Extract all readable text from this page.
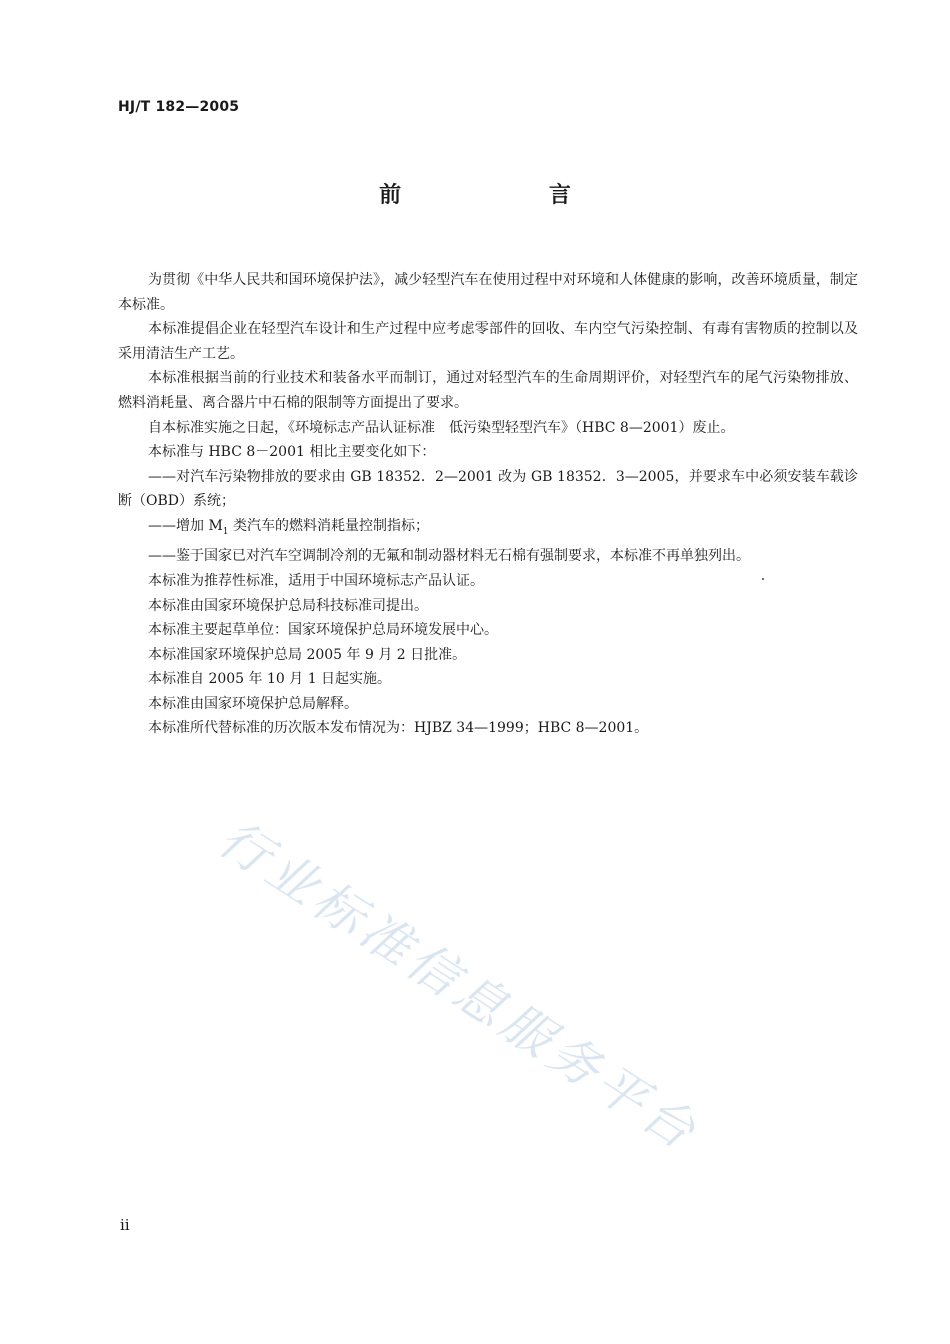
HJ/T 182—2005
前 言

为贯彻《中华人民共和国环境保护法》，减少轻型汽车在使用过程中对环境和人体健康的影响，改善环境质量，制定本标准。

本标准提倡企业在轻型汽车设计和生产过程中应考虑零部件的回收、车内空气污染控制、有毒有害物质的控制以及采用清洁生产工艺。

本标准根据当前的行业技术和装备水平而制订，通过对轻型汽车的生命周期评价，对轻型汽车的尾气污染物排放、燃料消耗量、离合器片中石棉的限制等方面提出了要求。

自本标准实施之日起，《环境标志产品认证标准　低污染型轻型汽车》（HBC 8—2001）废止。

本标准与 HBC 8－2001 相比主要变化如下：

——对汽车污染物排放的要求由 GB 18352．2—2001 改为 GB 18352．3—2005，并要求车中必须安装车载诊断（OBD）系统；

——增加 $M_1$ 类汽车的燃料消耗量控制指标；

——鉴于国家已对汽车空调制冷剂的无氟和制动器材料无石棉有强制要求，本标准不再单独列出。

本标准为推荐性标准，适用于中国环境标志产品认证。

本标准由国家环境保护总局科技标准司提出。

本标准主要起草单位：国家环境保护总局环境发展中心。

本标准国家环境保护总局 2005 年 9 月 2 日批准。

本标准自 2005 年 10 月 1 日起实施。

本标准由国家环境保护总局解释。

本标准所代替标准的历次版本发布情况为：HJBZ 34—1999；HBC 8—2001。

行业标准信息服务平台
ⅱ
